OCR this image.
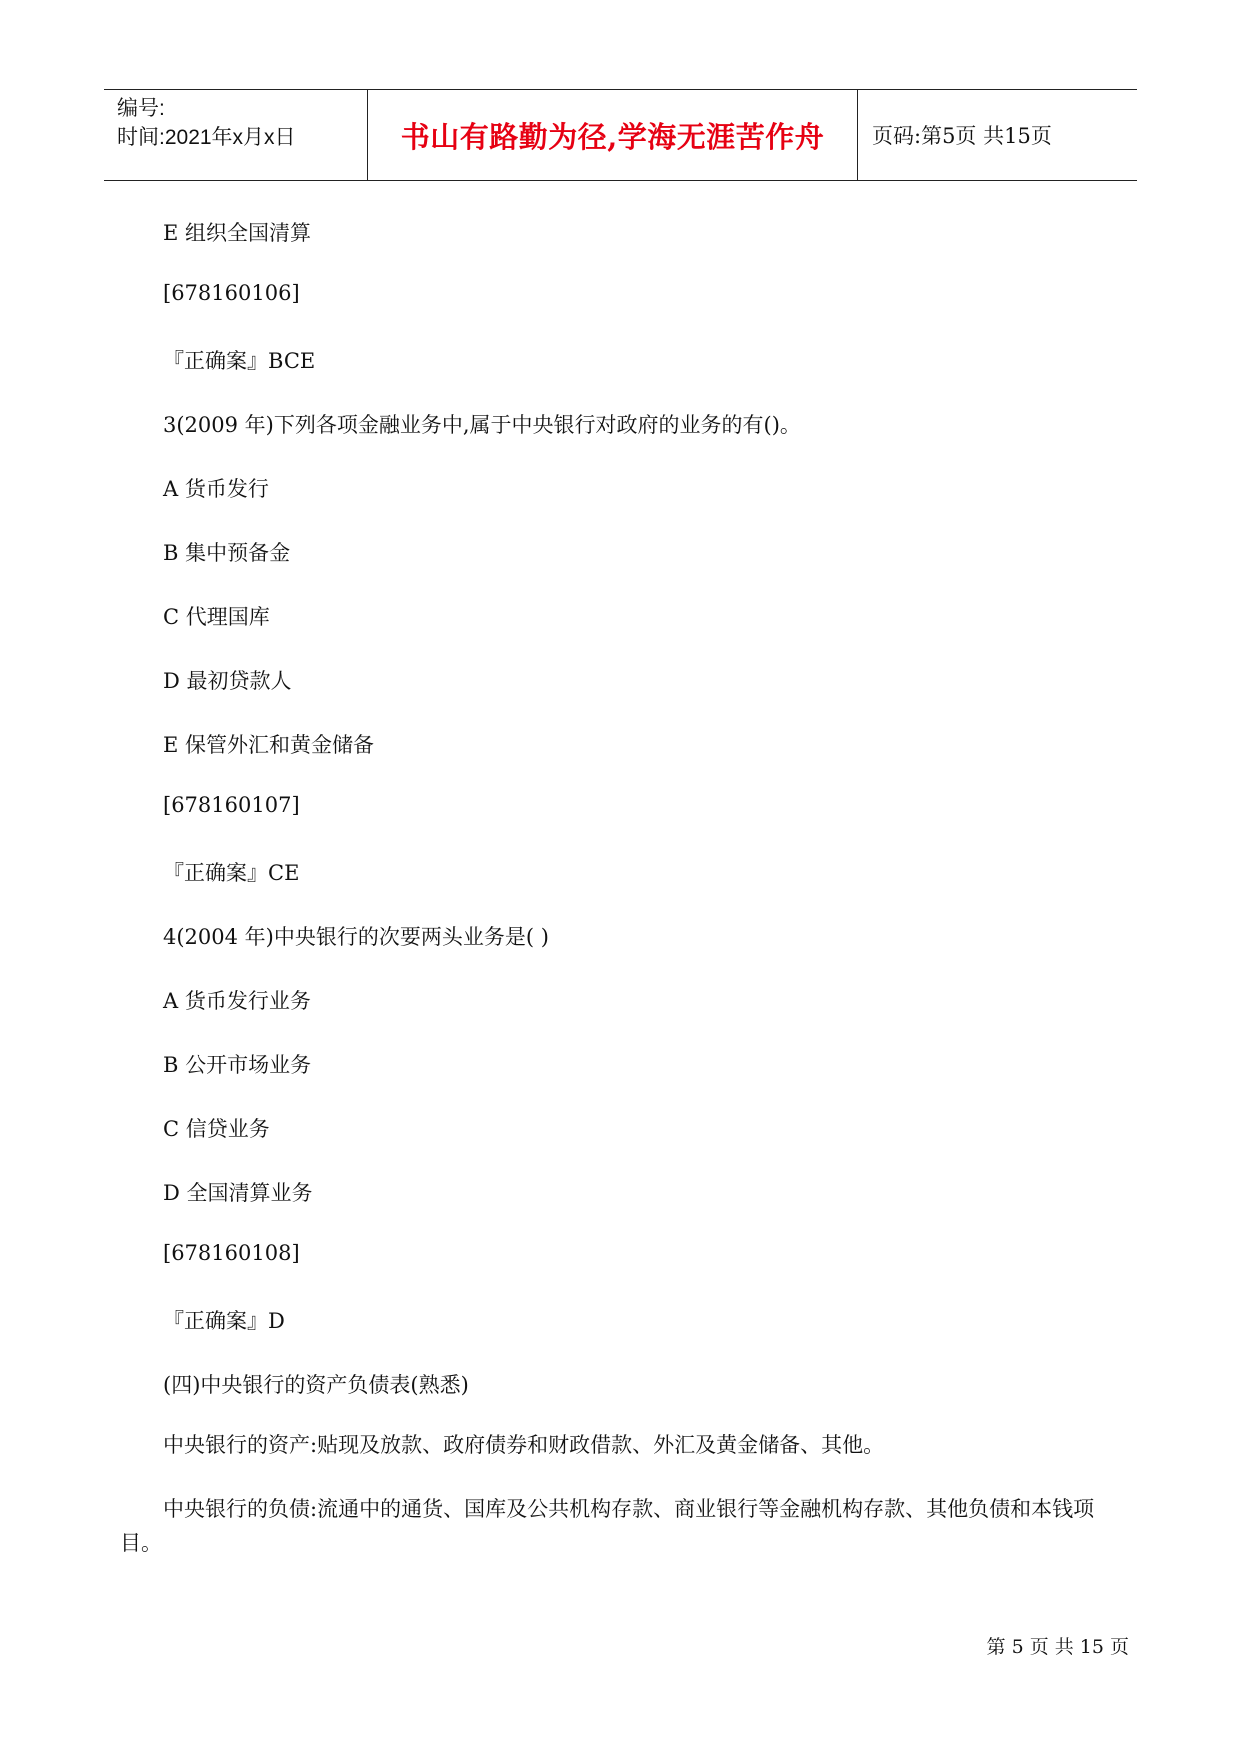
编号:
时间:2021年x月x日	书山有路勤为径,学海无涯苦作舟	页码:第5页 共15页
E 组织全国清算
[678160106]
『正确案』BCE
3(2009 年)下列各项金融业务中,属于中央银行对政府的业务的有()。
A 货币发行
B 集中预备金
C 代理国库
D 最初贷款人
E 保管外汇和黄金储备
[678160107]
『正确案』CE
4(2004 年)中央银行的次要两头业务是( )
A 货币发行业务
B 公开市场业务
C 信贷业务
D 全国清算业务
[678160108]
『正确案』D
(四)中央银行的资产负债表(熟悉)
中央银行的资产:贴现及放款、政府债券和财政借款、外汇及黄金储备、其他。
中央银行的负债:流通中的通货、国库及公共机构存款、商业银行等金融机构存款、其他负债和本钱项目。
第 5 页 共 15 页
